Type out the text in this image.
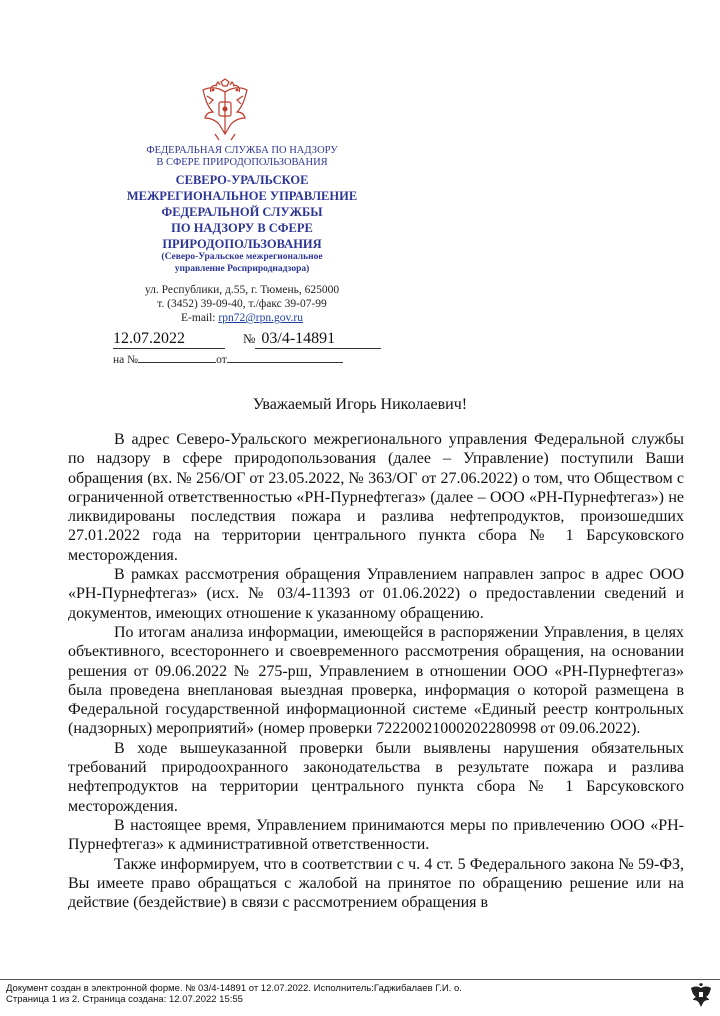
ФЕДЕРАЛЬНАЯ СЛУЖБА ПО НАДЗОРУ
В СФЕРЕ ПРИРОДОПОЛЬЗОВАНИЯ
СЕВЕРО-УРАЛЬСКОЕ
МЕЖРЕГИОНАЛЬНОЕ УПРАВЛЕНИЕ
ФЕДЕРАЛЬНОЙ СЛУЖБЫ
ПО НАДЗОРУ В СФЕРЕ
ПРИРОДОПОЛЬЗОВАНИЯ
(Северо-Уральское межрегиональное
управление Росприроднадзора)
ул. Республики, д.55, г. Тюмень, 625000
т. (3452) 39-09-40, т./факс 39-07-99
E-mail: rpn72@rpn.gov.ru
12.07.2022	№ 03/4-14891
на №	от
Уважаемый Игорь Николаевич!

В адрес Северо-Уральского межрегионального управления Федеральной службы по надзору в сфере природопользования (далее – Управление) поступили Ваши обращения (вх. № 256/ОГ от 23.05.2022, № 363/ОГ от 27.06.2022) о том, что Обществом с ограниченной ответственностью «РН-Пурнефтегаз» (далее – ООО «РН-Пурнефтегаз») не ликвидированы последствия пожара и разлива нефтепродуктов, произошедших 27.01.2022 года на территории центрального пункта сбора № 1 Барсуковского месторождения.

В рамках рассмотрения обращения Управлением направлен запрос в адрес ООО «РН-Пурнефтегаз» (исх. № 03/4-11393 от 01.06.2022) о предоставлении сведений и документов, имеющих отношение к указанному обращению.

По итогам анализа информации, имеющейся в распоряжении Управления, в целях объективного, всестороннего и своевременного рассмотрения обращения, на основании решения от 09.06.2022 № 275-рш, Управлением в отношении ООО «РН-Пурнефтегаз» была проведена внеплановая выездная проверка, информация о которой размещена в Федеральной государственной информационной системе «Единый реестр контрольных (надзорных) мероприятий» (номер проверки 72220021000202280998 от 09.06.2022).

В ходе вышеуказанной проверки были выявлены нарушения обязательных требований природоохранного законодательства в результате пожара и разлива нефтепродуктов на территории центрального пункта сбора № 1 Барсуковского месторождения.

В настоящее время, Управлением принимаются меры по привлечению ООО «РН-Пурнефтегаз» к административной ответственности.

Также информируем, что в соответствии с ч. 4 ст. 5 Федерального закона № 59-ФЗ, Вы имеете право обращаться с жалобой на принятое по обращению решение или на действие (бездействие) в связи с рассмотрением обращения в

Документ создан в электронной форме. № 03/4-14891 от 12.07.2022. Исполнитель:Гаджибалаев Г.И. о.
Страница 1 из 2. Страница создана: 12.07.2022 15:55
